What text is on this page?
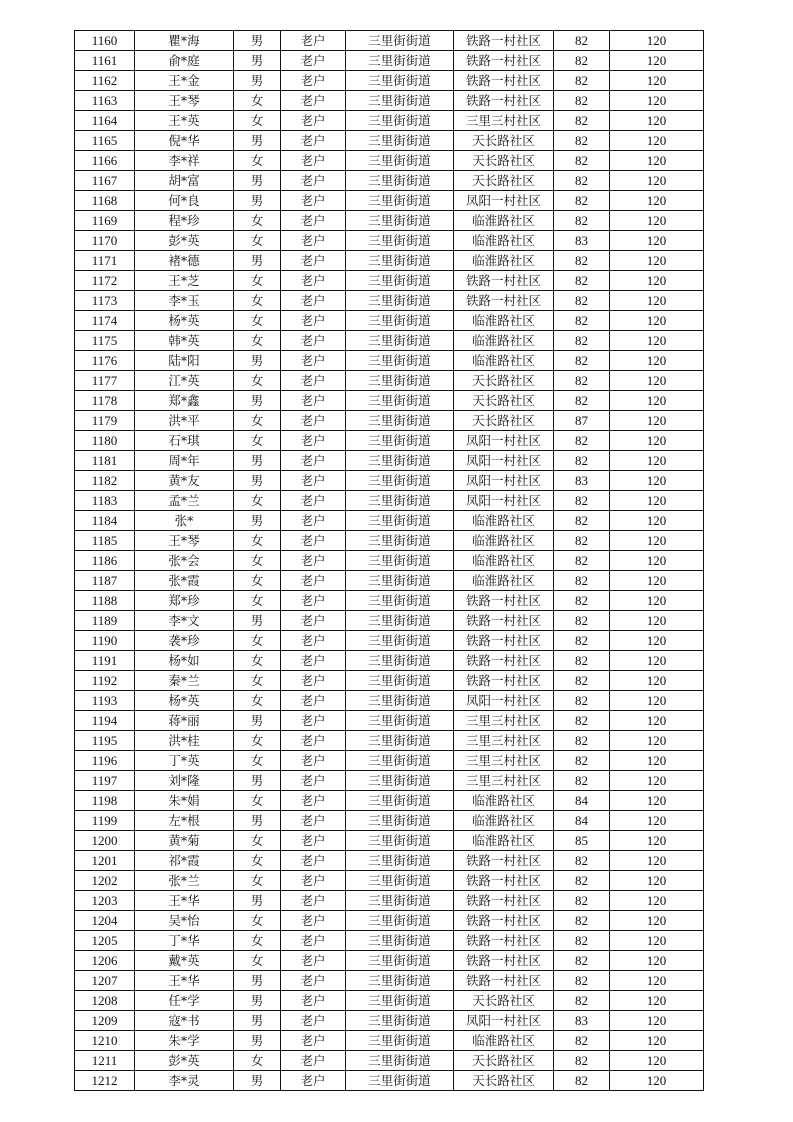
1160	瞿*海	男	老户	三里街街道	铁路一村社区	82	120
1161	俞*庭	男	老户	三里街街道	铁路一村社区	82	120
1162	王*金	男	老户	三里街街道	铁路一村社区	82	120
1163	王*琴	女	老户	三里街街道	铁路一村社区	82	120
1164	王*英	女	老户	三里街街道	三里三村社区	82	120
1165	倪*华	男	老户	三里街街道	天长路社区	82	120
1166	李*祥	女	老户	三里街街道	天长路社区	82	120
1167	胡*富	男	老户	三里街街道	天长路社区	82	120
1168	何*良	男	老户	三里街街道	凤阳一村社区	82	120
1169	程*珍	女	老户	三里街街道	临淮路社区	82	120
1170	彭*英	女	老户	三里街街道	临淮路社区	83	120
1171	褚*德	男	老户	三里街街道	临淮路社区	82	120
1172	王*芝	女	老户	三里街街道	铁路一村社区	82	120
1173	李*玉	女	老户	三里街街道	铁路一村社区	82	120
1174	杨*英	女	老户	三里街街道	临淮路社区	82	120
1175	韩*英	女	老户	三里街街道	临淮路社区	82	120
1176	陆*阳	男	老户	三里街街道	临淮路社区	82	120
1177	江*英	女	老户	三里街街道	天长路社区	82	120
1178	郑*鑫	男	老户	三里街街道	天长路社区	82	120
1179	洪*平	女	老户	三里街街道	天长路社区	87	120
1180	石*琪	女	老户	三里街街道	凤阳一村社区	82	120
1181	周*年	男	老户	三里街街道	凤阳一村社区	82	120
1182	黄*友	男	老户	三里街街道	凤阳一村社区	83	120
1183	孟*兰	女	老户	三里街街道	凤阳一村社区	82	120
1184	张*	男	老户	三里街街道	临淮路社区	82	120
1185	王*琴	女	老户	三里街街道	临淮路社区	82	120
1186	张*会	女	老户	三里街街道	临淮路社区	82	120
1187	张*霞	女	老户	三里街街道	临淮路社区	82	120
1188	郑*珍	女	老户	三里街街道	铁路一村社区	82	120
1189	李*文	男	老户	三里街街道	铁路一村社区	82	120
1190	袭*珍	女	老户	三里街街道	铁路一村社区	82	120
1191	杨*如	女	老户	三里街街道	铁路一村社区	82	120
1192	秦*兰	女	老户	三里街街道	铁路一村社区	82	120
1193	杨*英	女	老户	三里街街道	凤阳一村社区	82	120
1194	蒋*丽	男	老户	三里街街道	三里三村社区	82	120
1195	洪*桂	女	老户	三里街街道	三里三村社区	82	120
1196	丁*英	女	老户	三里街街道	三里三村社区	82	120
1197	刘*隆	男	老户	三里街街道	三里三村社区	82	120
1198	朱*娟	女	老户	三里街街道	临淮路社区	84	120
1199	左*根	男	老户	三里街街道	临淮路社区	84	120
1200	黄*菊	女	老户	三里街街道	临淮路社区	85	120
1201	祁*霞	女	老户	三里街街道	铁路一村社区	82	120
1202	张*兰	女	老户	三里街街道	铁路一村社区	82	120
1203	王*华	男	老户	三里街街道	铁路一村社区	82	120
1204	吴*怡	女	老户	三里街街道	铁路一村社区	82	120
1205	丁*华	女	老户	三里街街道	铁路一村社区	82	120
1206	戴*英	女	老户	三里街街道	铁路一村社区	82	120
1207	王*华	男	老户	三里街街道	铁路一村社区	82	120
1208	任*学	男	老户	三里街街道	天长路社区	82	120
1209	寇*书	男	老户	三里街街道	凤阳一村社区	83	120
1210	朱*学	男	老户	三里街街道	临淮路社区	82	120
1211	彭*英	女	老户	三里街街道	天长路社区	82	120
1212	李*灵	男	老户	三里街街道	天长路社区	82	120
